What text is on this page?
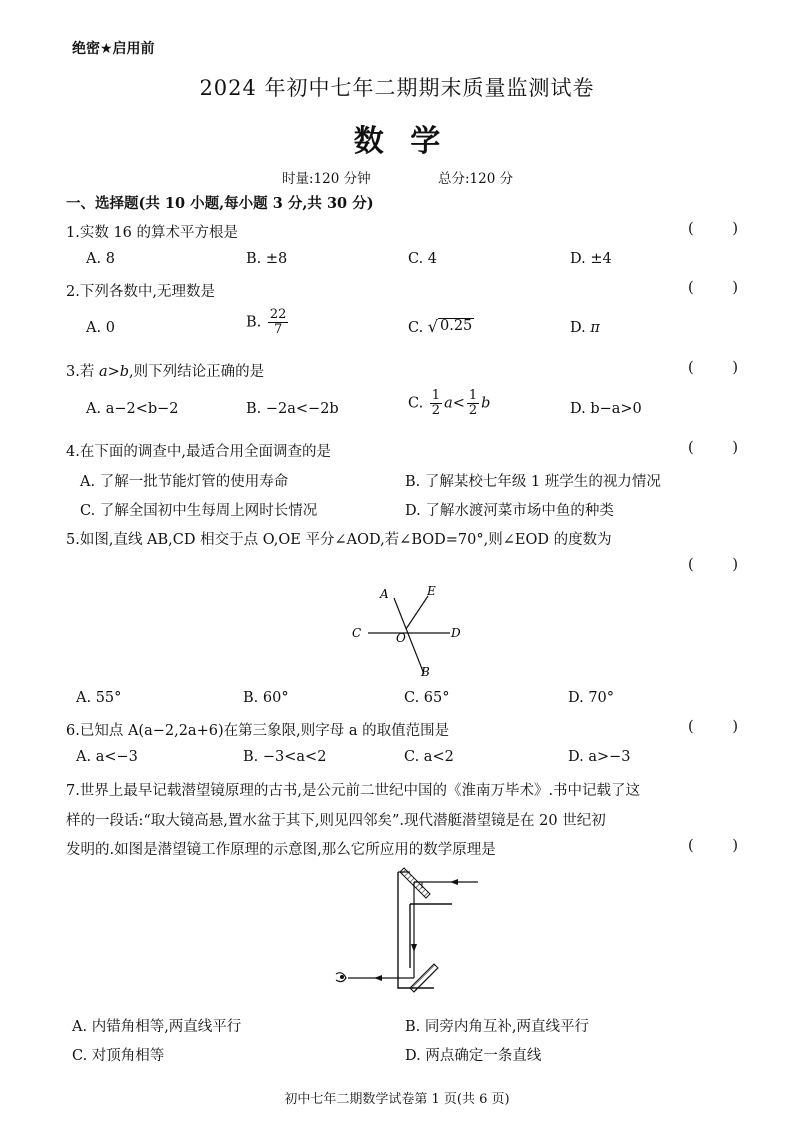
绝密★启用前
2024 年初中七年二期期末质量监测试卷
数 学
时量:120 分钟	总分:120 分
一、选择题(共 10 小题,每小题 3 分,共 30 分)
1.实数 16 的算术平方根是	(	)
A. 8	B. ±8	C. 4	D. ±4
2.下列各数中,无理数是	(	)
A. 0	B. $\frac{22}{7}$	C. √ 0.25	D. π
3.若 a>b,则下列结论正确的是	(	)
A. a−2<b−2	B. −2a<−2b	C. $\frac{1}{2} a< \frac{1}{2}$ b	D. b−a>0
4.在下面的调查中,最适合用全面调查的是	(	)
A. 了解一批节能灯管的使用寿命	B. 了解某校七年级 1 班学生的视力情况
C. 了解全国初中生每周上网时长情况	D. 了解水渡河菜市场中鱼的种类
5.如图,直线 AB,CD 相交于点 O,OE 平分∠AOD,若∠BOD=70°,则∠EOD 的度数为
(	)
A	E
C	O	D
B
A. 55°	B. 60°	C. 65°	D. 70°
6.已知点 A(a−2,2a+6)在第三象限,则字母 a 的取值范围是	(	)
A. a<−3	B. −3<a<2	C. a<2	D. a>−3
7.世界上最早记载潜望镜原理的古书,是公元前二世纪中国的《淮南万毕术》.书中记载了这
样的一段话:“取大镜高悬,置水盆于其下,则见四邻矣”.现代潜艇潜望镜是在 20 世纪初
发明的.如图是潜望镜工作原理的示意图,那么它所应用的数学原理是	(	)
A. 内错角相等,两直线平行	B. 同旁内角互补,两直线平行
C. 对顶角相等	D. 两点确定一条直线
初中七年二期数学试卷第 1 页(共 6 页)
